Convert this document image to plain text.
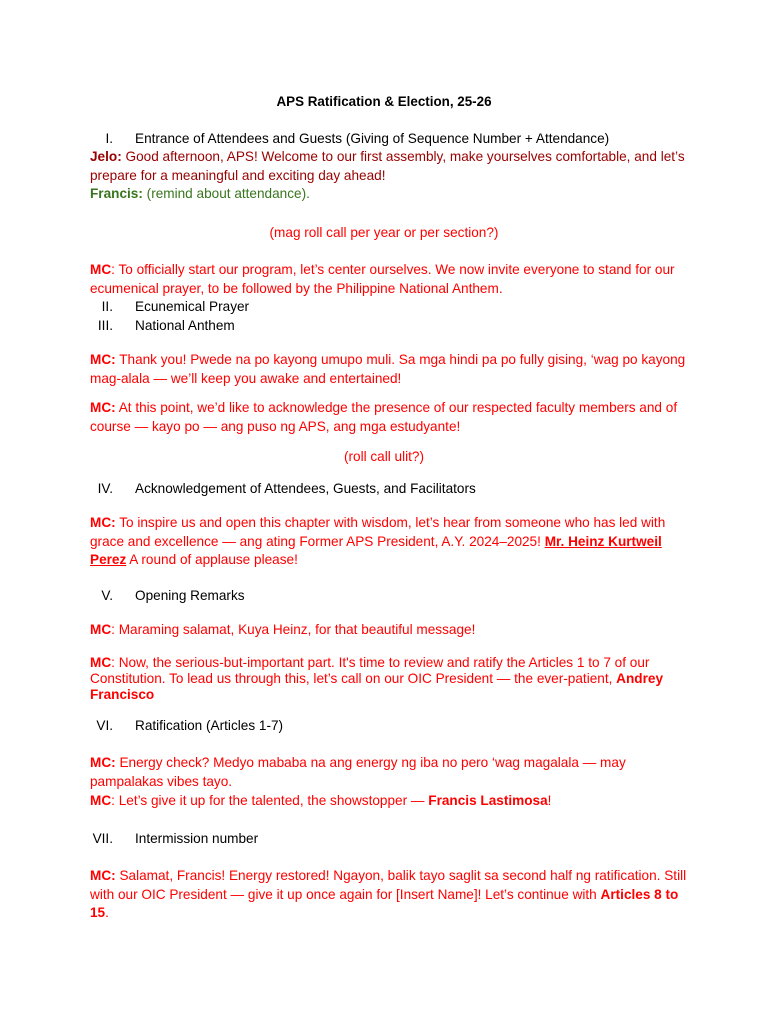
APS Ratification & Election, 25-26
I. Entrance of Attendees and Guests (Giving of Sequence Number + Attendance)
Jelo: Good afternoon, APS! Welcome to our first assembly, make yourselves comfortable, and let’s prepare for a meaningful and exciting day ahead!
Francis: (remind about attendance).
(mag roll call per year or per section?)
MC: To officially start our program, let’s center ourselves. We now invite everyone to stand for our ecumenical prayer, to be followed by the Philippine National Anthem.
II. Ecunemical Prayer
III. National Anthem
MC: Thank you! Pwede na po kayong umupo muli. Sa mga hindi pa po fully gising, ‘wag po kayong mag-alala — we’ll keep you awake and entertained!
MC: At this point, we’d like to acknowledge the presence of our respected faculty members and of course — kayo po — ang puso ng APS, ang mga estudyante!
(roll call ulit?)
IV. Acknowledgement of Attendees, Guests, and Facilitators
MC: To inspire us and open this chapter with wisdom, let’s hear from someone who has led with grace and excellence — ang ating Former APS President, A.Y. 2024–2025! Mr. Heinz Kurtweil Perez A round of applause please!
V. Opening Remarks
MC: Maraming salamat, Kuya Heinz, for that beautiful message!
MC: Now, the serious-but-important part. It's time to review and ratify the Articles 1 to 7 of our Constitution. To lead us through this, let’s call on our OIC President — the ever-patient, Andrey Francisco
VI. Ratification (Articles 1-7)
MC: Energy check? Medyo mababa na ang energy ng iba no pero ‘wag magalala — may pampalakas vibes tayo.
MC: Let’s give it up for the talented, the showstopper — Francis Lastimosa!
VII. Intermission number
MC: Salamat, Francis! Energy restored! Ngayon, balik tayo saglit sa second half ng ratification. Still with our OIC President — give it up once again for [Insert Name]! Let’s continue with Articles 8 to 15.
